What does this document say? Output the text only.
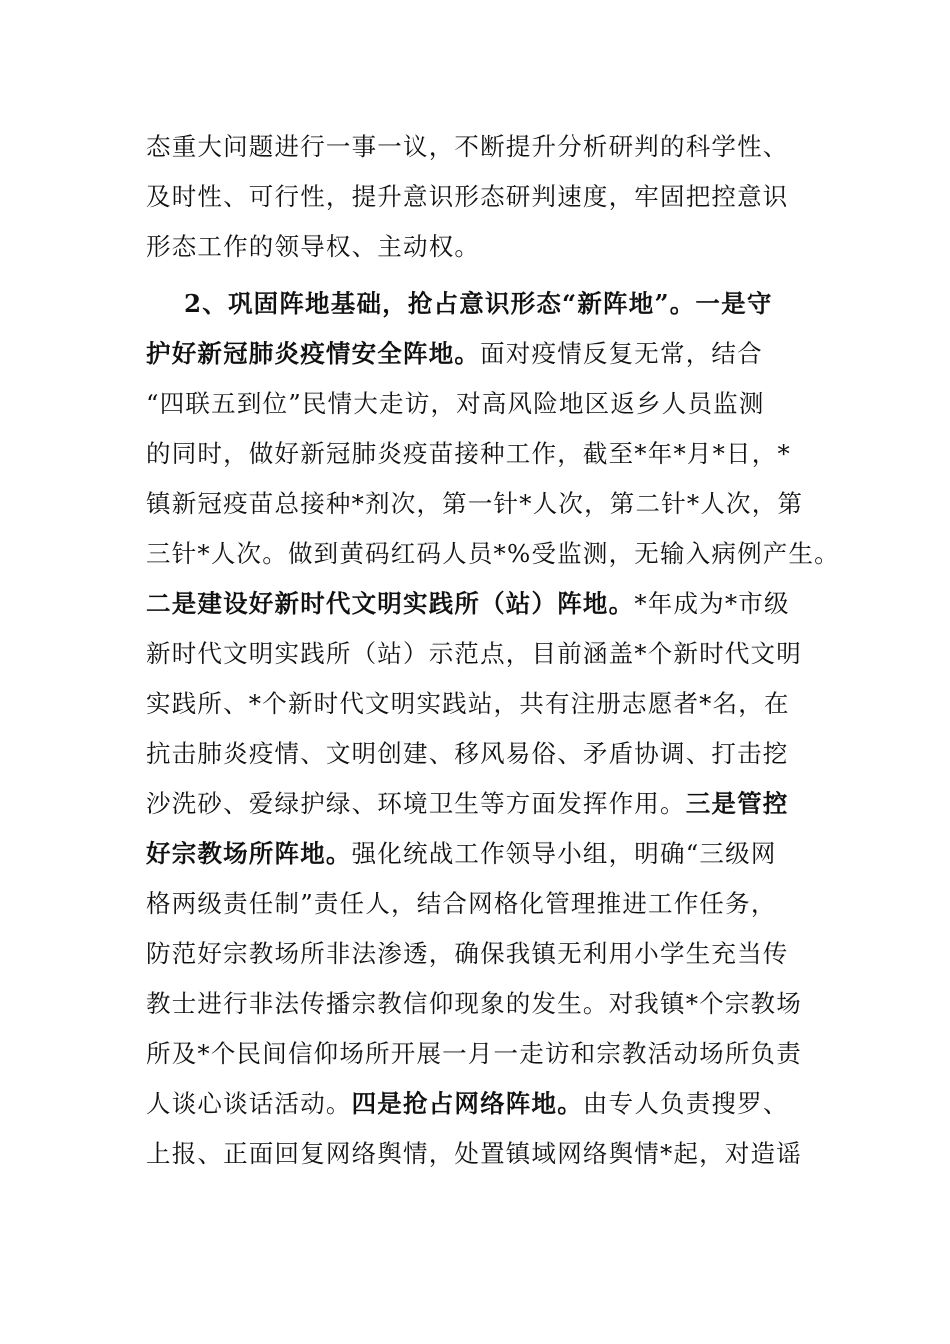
态重大问题进行一事一议，不断提升分析研判的科学性、
及时性、可行性，提升意识形态研判速度，牢固把控意识
形态工作的领导权、主动权。
2、巩固阵地基础，抢占意识形态“新阵地”。一是守
护好新冠肺炎疫情安全阵地。面对疫情反复无常，结合
“四联五到位”民情大走访，对高风险地区返乡人员监测
的同时，做好新冠肺炎疫苗接种工作，截至*年*月*日，*
镇新冠疫苗总接种*剂次，第一针*人次，第二针*人次，第
三针*人次。做到黄码红码人员*%受监测，无输入病例产生。
二是建设好新时代文明实践所（站）阵地。*年成为*市级
新时代文明实践所（站）示范点，目前涵盖*个新时代文明
实践所、*个新时代文明实践站，共有注册志愿者*名，在
抗击肺炎疫情、文明创建、移风易俗、矛盾协调、打击挖
沙洗砂、爱绿护绿、环境卫生等方面发挥作用。三是管控
好宗教场所阵地。强化统战工作领导小组，明确“三级网
格两级责任制”责任人，结合网格化管理推进工作任务，
防范好宗教场所非法渗透，确保我镇无利用小学生充当传
教士进行非法传播宗教信仰现象的发生。对我镇*个宗教场
所及*个民间信仰场所开展一月一走访和宗教活动场所负责
人谈心谈话活动。四是抢占网络阵地。由专人负责搜罗、
上报、正面回复网络舆情，处置镇域网络舆情*起，对造谣
